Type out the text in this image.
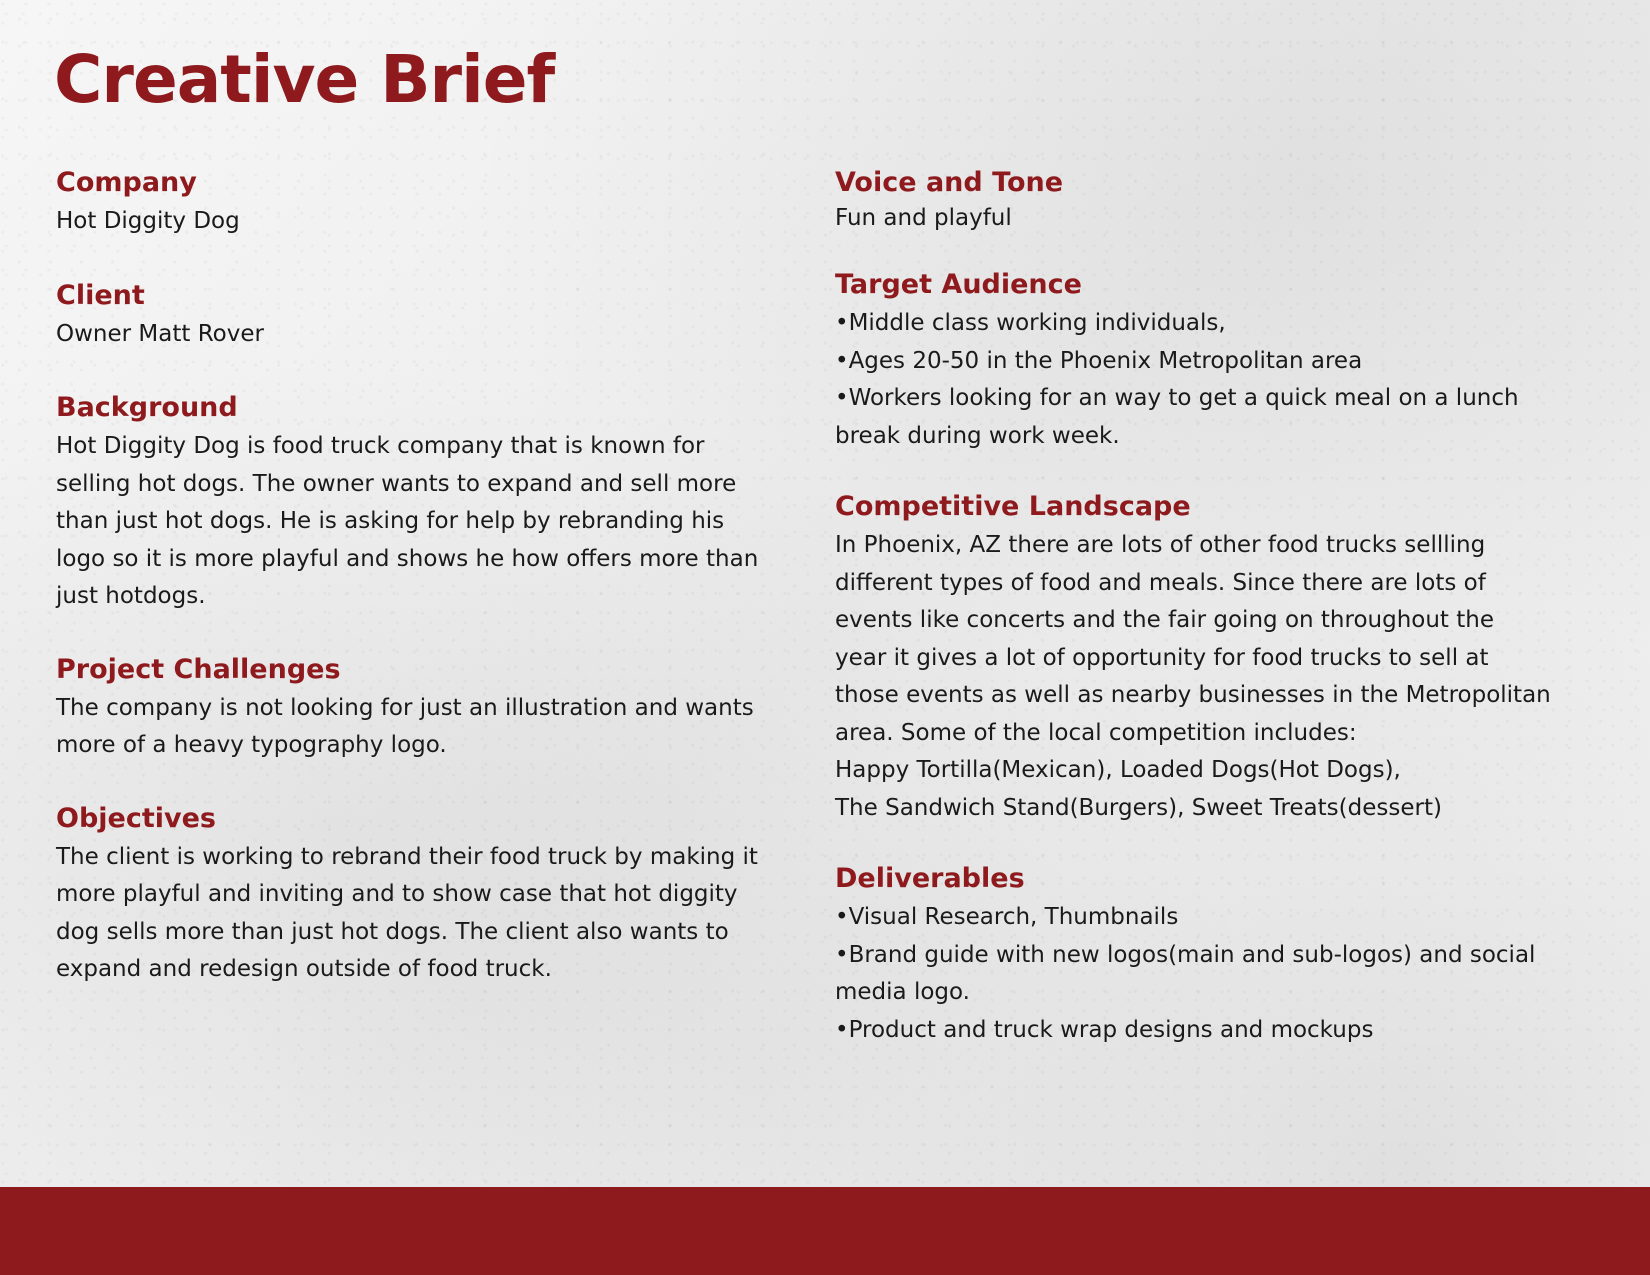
Creative Brief

Company

Hot Diggity Dog

Client

Owner Matt Rover

Background

Hot Diggity Dog is food truck company that is known for
selling hot dogs. The owner wants to expand and sell more
than just hot dogs. He is asking for help by rebranding his
logo so it is more playful and shows he how offers more than
just hotdogs.

Project Challenges

The company is not looking for just an illustration and wants
more of a heavy typography logo.

Objectives

The client is working to rebrand their food truck by making it
more playful and inviting and to show case that hot diggity
dog sells more than just hot dogs. The client also wants to
expand and redesign outside of food truck.

Voice and Tone

Fun and playful

Target Audience

•Middle class working individuals,
•Ages 20-50 in the Phoenix Metropolitan area
•Workers looking for an way to get a quick meal on a lunch
break during work week.

Competitive Landscape

In Phoenix, AZ there are lots of other food trucks sellling
different types of food and meals. Since there are lots of
events like concerts and the fair going on throughout the
year it gives a lot of opportunity for food trucks to sell at
those events as well as nearby businesses in the Metropolitan
area. Some of the local competition includes:
Happy Tortilla(Mexican), Loaded Dogs(Hot Dogs),
The Sandwich Stand(Burgers), Sweet Treats(dessert)

Deliverables

•Visual Research, Thumbnails
•Brand guide with new logos(main and sub-logos) and social
media logo.
•Product and truck wrap designs and mockups
